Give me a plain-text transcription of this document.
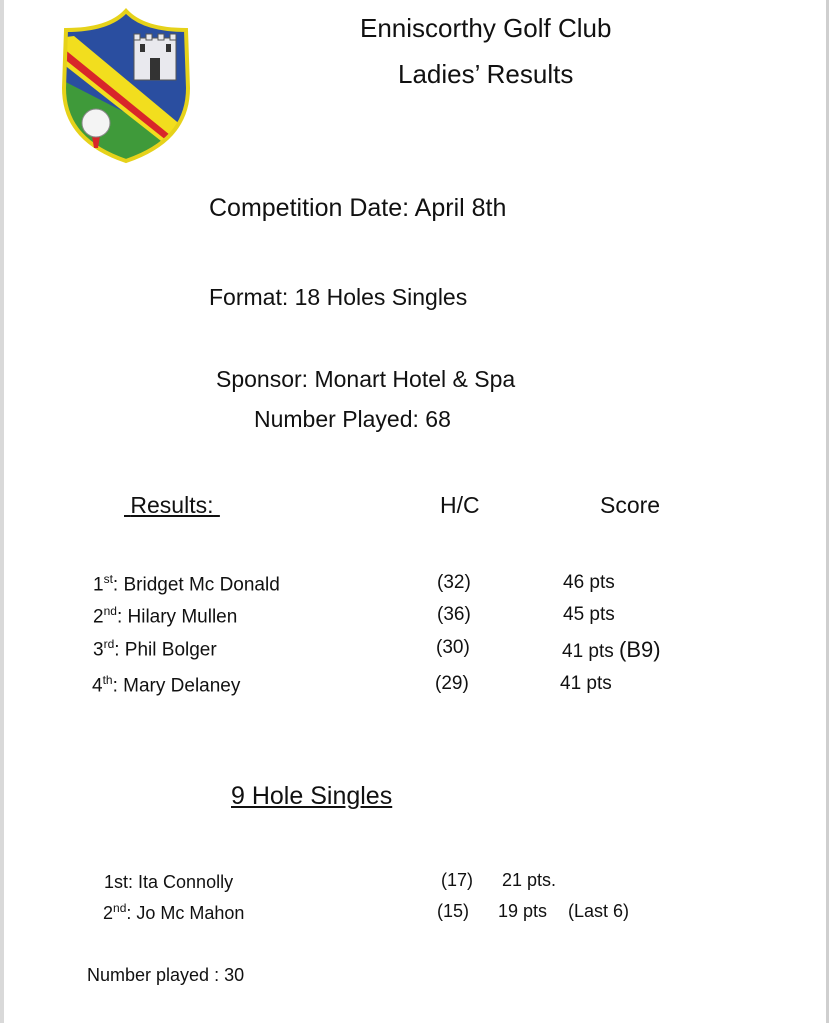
Enniscorthy Golf Club
Ladies’ Results
Competition Date: April 8th
Format: 18 Holes Singles
Sponsor: Monart Hotel & Spa
Number Played: 68
Results:	H/C	Score
1st: Bridget Mc Donald	(32)	46 pts
2nd: Hilary Mullen	(36)	45 pts
3rd: Phil Bolger	(30)	41 pts (B9)
4th: Mary Delaney	(29)	41 pts
9 Hole Singles
1st: Ita Connolly	(17) 21 pts.
2nd: Jo Mc Mahon	(15) 19 pts (Last 6)
Number played : 30
